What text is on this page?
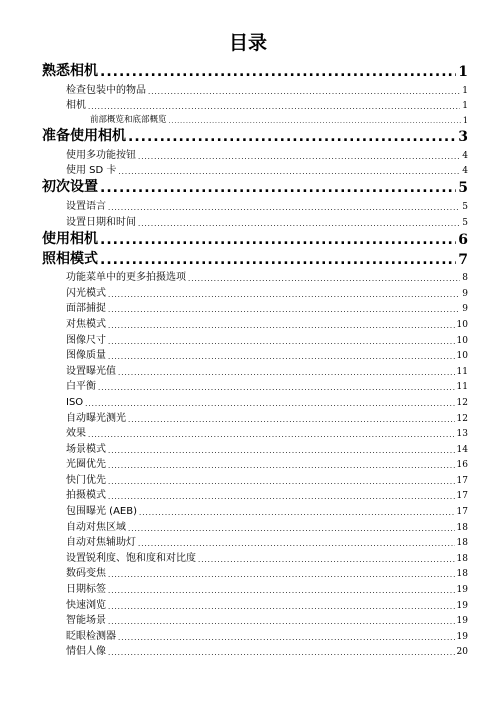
目录
熟悉相机 .....	1
检查包装中的物品 .....	1
相机 .....	1
前部概览和底部概览 .....	1
准备使用相机 .....	3
使用多功能按钮 .....	4
使用 SD 卡 .....	4
初次设置 .....	5
设置语言 .....	5
设置日期和时间 .....	5
使用相机 .....	6
照相模式 .....	7
功能菜单中的更多拍摄选项 .....	8
闪光模式 .....	9
面部捕捉 .....	9
对焦模式 .....	10
图像尺寸 .....	10
图像质量 .....	10
设置曝光值 .....	11
白平衡 .....	11
ISO .....	12
自动曝光测光 .....	12
效果 .....	13
场景模式 .....	14
光圈优先 .....	16
快门优先 .....	17
拍摄模式 .....	17
包围曝光 (AEB) .....	17
自动对焦区域 .....	18
自动对焦辅助灯 .....	18
设置锐利度、饱和度和对比度 .....	18
数码变焦 .....	18
日期标签 .....	19
快速浏览 .....	19
智能场景 .....	19
眨眼检测器 .....	19
情侣人像 .....	20
